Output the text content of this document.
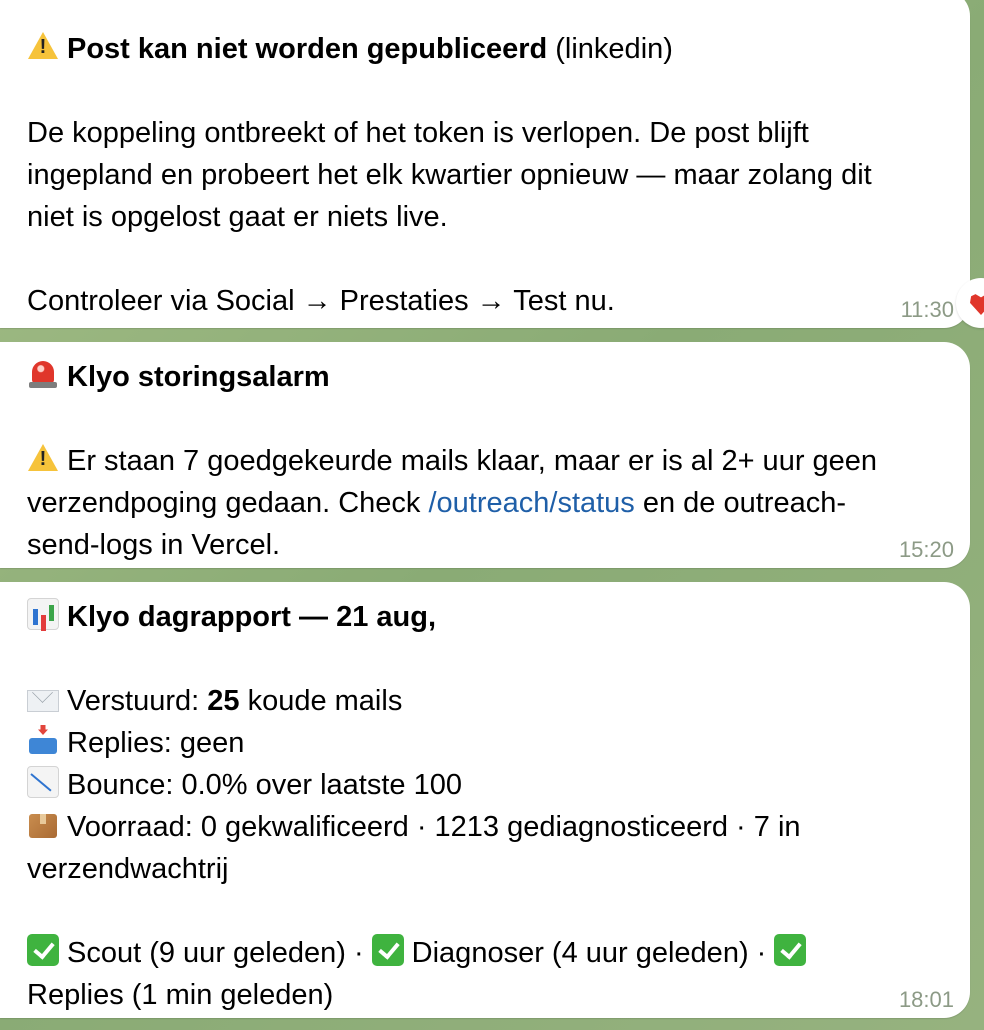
!Post kan niet worden gepubliceerd (linkedin)
De koppeling ontbreekt of het token is verlopen. De post blijft
ingepland en probeert het elk kwartier opnieuw — maar zolang dit
niet is opgelost gaat er niets live.
Controleer via Social → Prestaties → Test nu.	11:30
Klyo storingsalarm
!Er staan 7 goedgekeurde mails klaar, maar er is al 2+ uur geen
verzendpoging gedaan. Check /outreach/status en de outreach-
send-logs in Vercel.	15:20
Klyo dagrapport — 21 aug,
Verstuurd: 25 koude mails
Replies: geen
Bounce: 0.0% over laatste 100
Voorraad: 0 gekwalificeerd · 1213 gediagnosticeerd · 7 in
verzendwachtrij
Scout (9 uur geleden) · Diagnoser (4 uur geleden) ·
Replies (1 min geleden)	18:01
